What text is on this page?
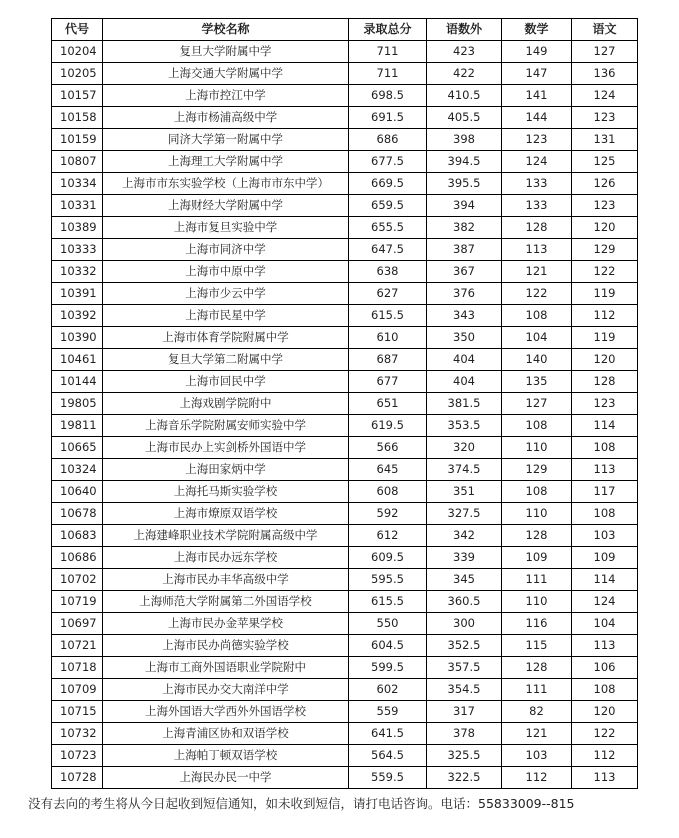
代号	学校名称	录取总分	语数外	数学	语文
10204	复旦大学附属中学	711	423	149	127
10205	上海交通大学附属中学	711	422	147	136
10157	上海市控江中学	698.5	410.5	141	124
10158	上海市杨浦高级中学	691.5	405.5	144	123
10159	同济大学第一附属中学	686	398	123	131
10807	上海理工大学附属中学	677.5	394.5	124	125
10334	上海市市东实验学校（上海市市东中学）	669.5	395.5	133	126
10331	上海财经大学附属中学	659.5	394	133	123
10389	上海市复旦实验中学	655.5	382	128	120
10333	上海市同济中学	647.5	387	113	129
10332	上海市中原中学	638	367	121	122
10391	上海市少云中学	627	376	122	119
10392	上海市民星中学	615.5	343	108	112
10390	上海市体育学院附属中学	610	350	104	119
10461	复旦大学第二附属中学	687	404	140	120
10144	上海市回民中学	677	404	135	128
19805	上海戏剧学院附中	651	381.5	127	123
19811	上海音乐学院附属安师实验中学	619.5	353.5	108	114
10665	上海市民办上实剑桥外国语中学	566	320	110	108
10324	上海田家炳中学	645	374.5	129	113
10640	上海托马斯实验学校	608	351	108	117
10678	上海市燎原双语学校	592	327.5	110	108
10683	上海建峰职业技术学院附属高级中学	612	342	128	103
10686	上海市民办远东学校	609.5	339	109	109
10702	上海市民办丰华高级中学	595.5	345	111	114
10719	上海师范大学附属第二外国语学校	615.5	360.5	110	124
10697	上海市民办金苹果学校	550	300	116	104
10721	上海市民办尚德实验学校	604.5	352.5	115	113
10718	上海市工商外国语职业学院附中	599.5	357.5	128	106
10709	上海市民办交大南洋中学	602	354.5	111	108
10715	上海外国语大学西外外国语学校	559	317	82	120
10732	上海青浦区协和双语学校	641.5	378	121	122
10723	上海帕丁顿双语学校	564.5	325.5	103	112
10728	上海民办民一中学	559.5	322.5	112	113
没有去向的考生将从今日起收到短信通知，如未收到短信，请打电话咨询。电话：55833009--815
